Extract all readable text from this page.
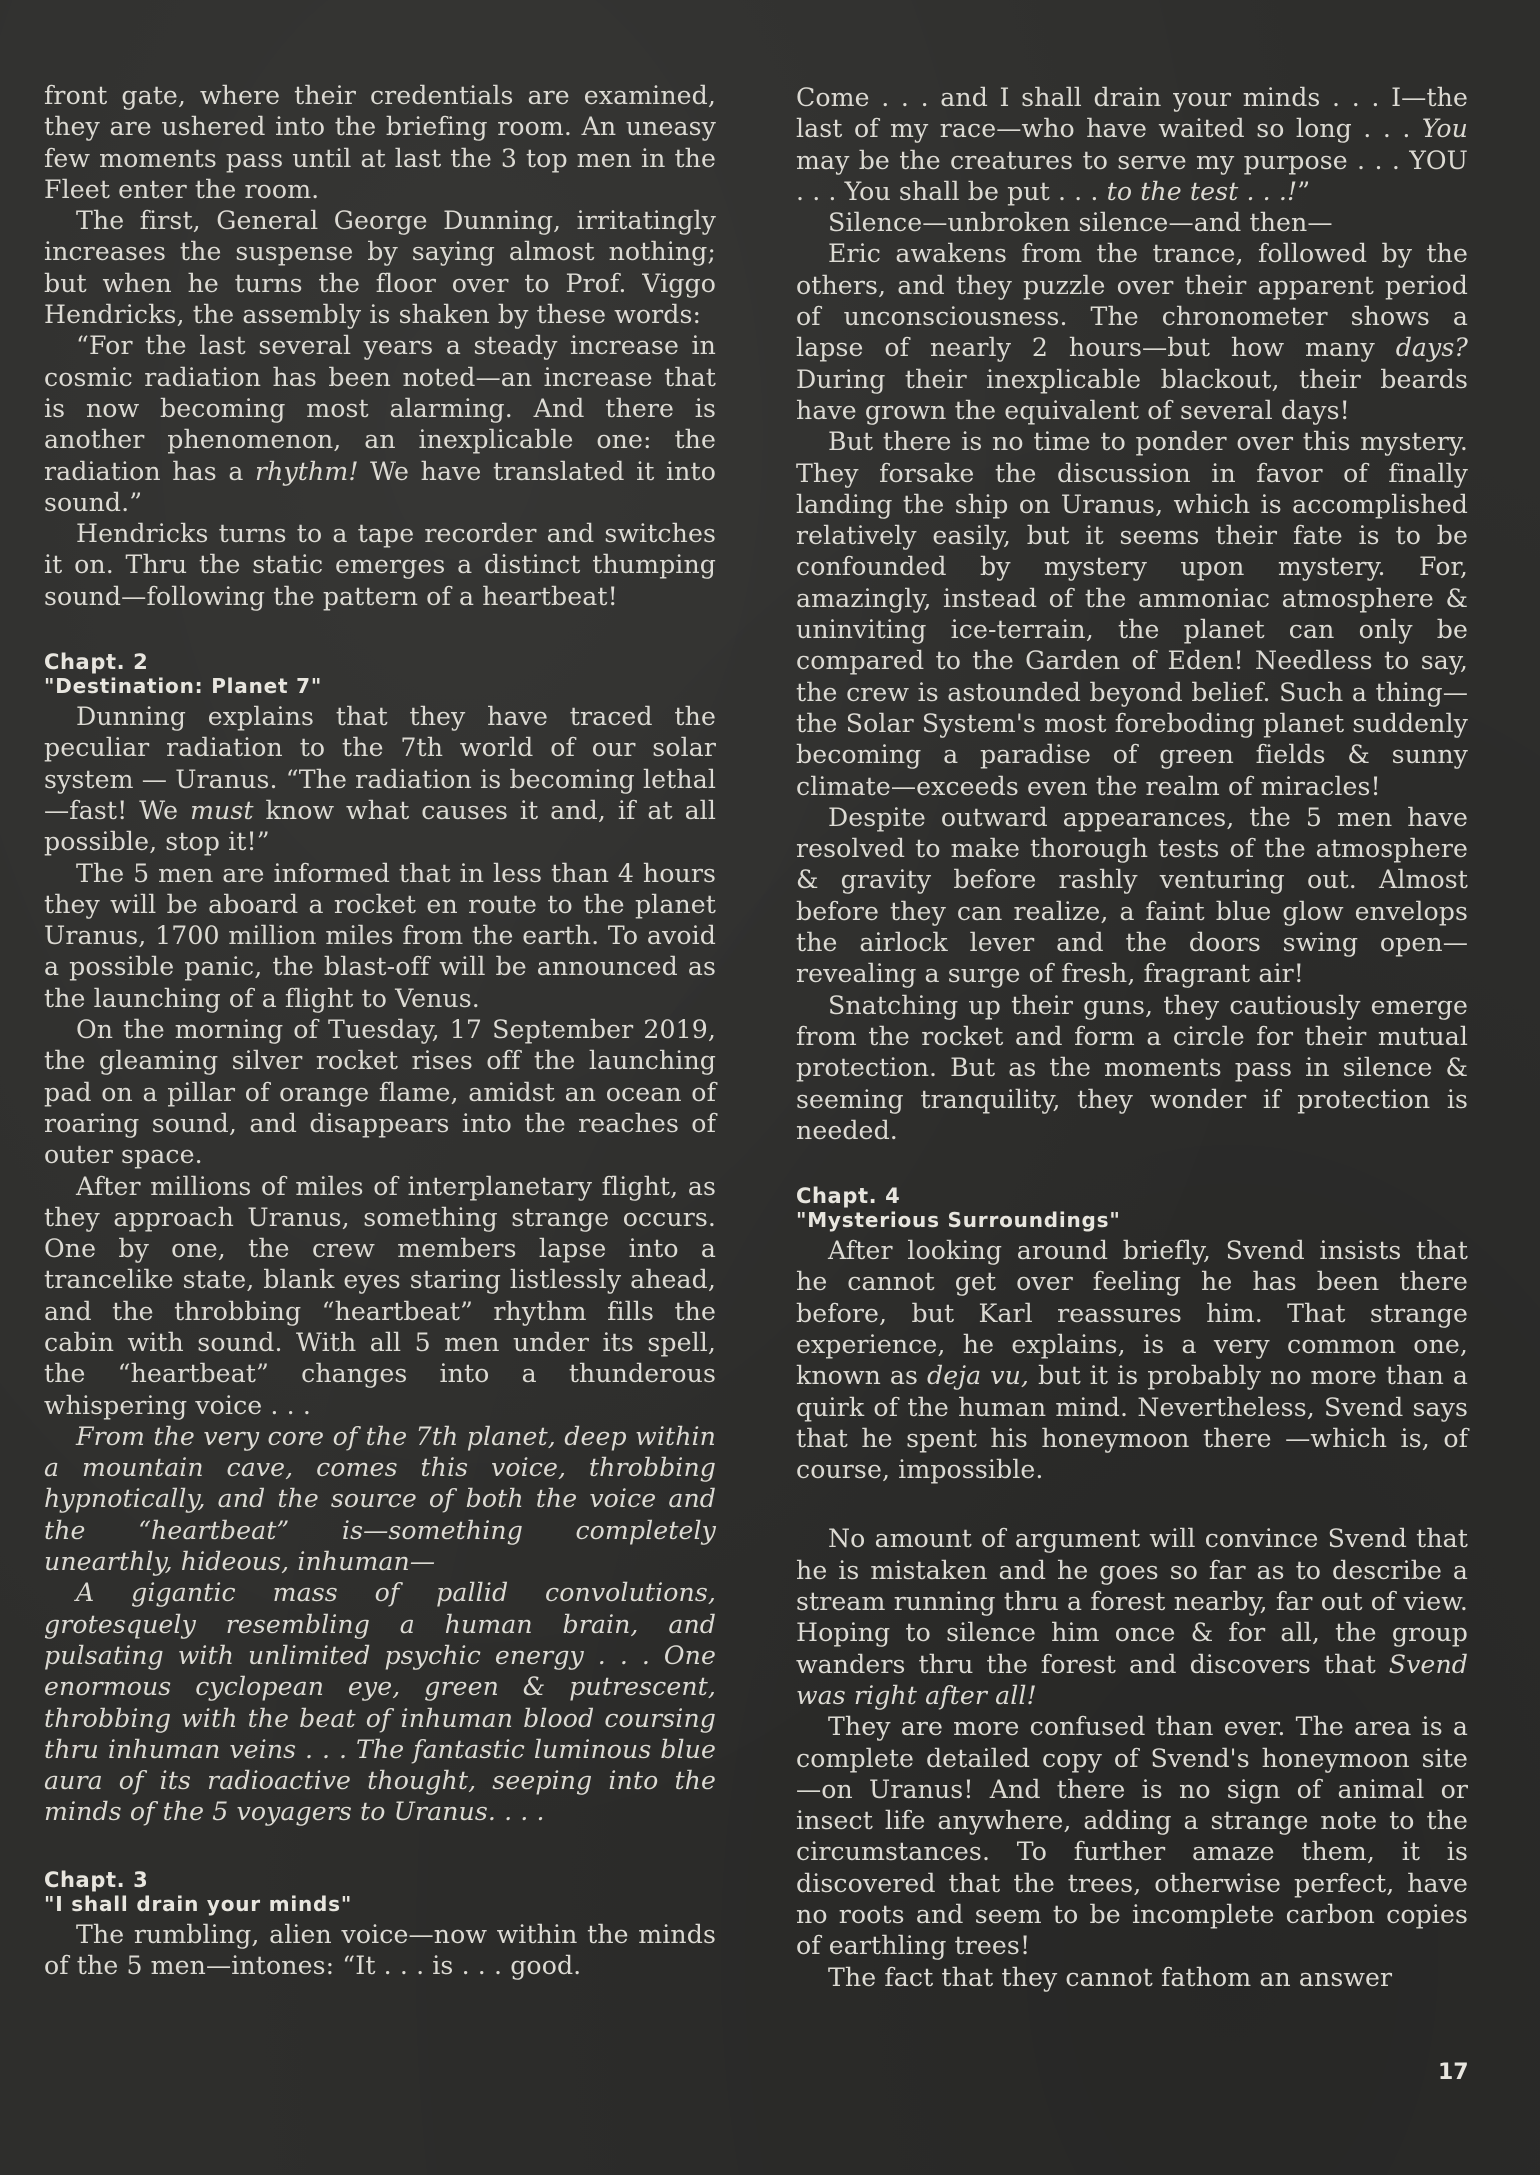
front gate, where their credentials are examined, they are ushered into the briefing room. An uneasy few moments pass until at last the 3 top men in the Fleet enter the room.

The first, General George Dunning, irritatingly increases the suspense by saying almost nothing; but when he turns the floor over to Prof. Viggo Hendricks, the assembly is shaken by these words:

“For the last several years a steady increase in cosmic radiation has been noted—an increase that is now becoming most alarming. And there is another phenomenon, an inexplicable one: the radiation has a rhythm! We have translated it into sound.”

Hendricks turns to a tape recorder and switches it on. Thru the static emerges a distinct thumping sound—following the pattern of a heartbeat!

Chapt. 2
"Destination: Planet 7"

Dunning explains that they have traced the peculiar radiation to the 7th world of our solar system — Uranus. “The radiation is becoming lethal—fast! We must know what causes it and, if at all possible, stop it!”

The 5 men are informed that in less than 4 hours they will be aboard a rocket en route to the planet Uranus, 1700 million miles from the earth. To avoid a possible panic, the blast-off will be announced as the launching of a flight to Venus.

On the morning of Tuesday, 17 September 2019, the gleaming silver rocket rises off the launching pad on a pillar of orange flame, amidst an ocean of roaring sound, and disappears into the reaches of outer space.

After millions of miles of interplanetary flight, as they approach Uranus, something strange occurs. One by one, the crew members lapse into a trancelike state, blank eyes staring listlessly ahead, and the throbbing “heartbeat” rhythm fills the cabin with sound. With all 5 men under its spell, the “heartbeat” changes into a thunderous whispering voice . . .

From the very core of the 7th planet, deep within a mountain cave, comes this voice, throbbing hypnotically, and the source of both the voice and the “heartbeat” is—something completely unearthly, hideous, inhuman—

A gigantic mass of pallid convolutions, grotesquely resembling a human brain, and pulsating with unlimited psychic energy . . . One enormous cyclopean eye, green & putrescent, throbbing with the beat of inhuman blood coursing thru inhuman veins . . . The fantastic luminous blue aura of its radioactive thought, seeping into the minds of the 5 voyagers to Uranus. . . .

Chapt. 3
"I shall drain your minds"

The rumbling, alien voice—now within the minds of the 5 men—intones: “It . . . is . . . good.

Come . . . and I shall drain your minds . . . I—the last of my race—who have waited so long . . . You may be the creatures to serve my purpose . . . YOU . . . You shall be put . . . to the test . . .!”

Silence—unbroken silence—and then—

Eric awakens from the trance, followed by the others, and they puzzle over their apparent period of unconsciousness. The chronometer shows a lapse of nearly 2 hours—but how many days? During their inexplicable blackout, their beards have grown the equivalent of several days!

But there is no time to ponder over this mystery. They forsake the discussion in favor of finally landing the ship on Uranus, which is accomplished relatively easily, but it seems their fate is to be confounded by mystery upon mystery. For, amazingly, instead of the ammoniac atmosphere & uninviting ice-terrain, the planet can only be compared to the Garden of Eden! Needless to say, the crew is astounded beyond belief. Such a thing—the Solar System's most foreboding planet suddenly becoming a paradise of green fields & sunny climate—exceeds even the realm of miracles!

Despite outward appearances, the 5 men have resolved to make thorough tests of the atmosphere & gravity before rashly venturing out. Almost before they can realize, a faint blue glow envelops the airlock lever and the doors swing open—revealing a surge of fresh, fragrant air!

Snatching up their guns, they cautiously emerge from the rocket and form a circle for their mutual protection. But as the moments pass in silence & seeming tranquility, they wonder if protection is needed.

Chapt. 4
"Mysterious Surroundings"

After looking around briefly, Svend insists that he cannot get over feeling he has been there before, but Karl reassures him. That strange experience, he explains, is a very common one, known as deja vu, but it is probably no more than a quirk of the human mind. Nevertheless, Svend says that he spent his honeymoon there —which is, of course, impossible.

No amount of argument will convince Svend that he is mistaken and he goes so far as to describe a stream running thru a forest nearby, far out of view. Hoping to silence him once & for all, the group wanders thru the forest and discovers that Svend was right after all!

They are more confused than ever. The area is a complete detailed copy of Svend's honeymoon site—on Uranus! And there is no sign of animal or insect life anywhere, adding a strange note to the circumstances. To further amaze them, it is discovered that the trees, otherwise perfect, have no roots and seem to be incomplete carbon copies of earthling trees!

The fact that they cannot fathom an answer

17
